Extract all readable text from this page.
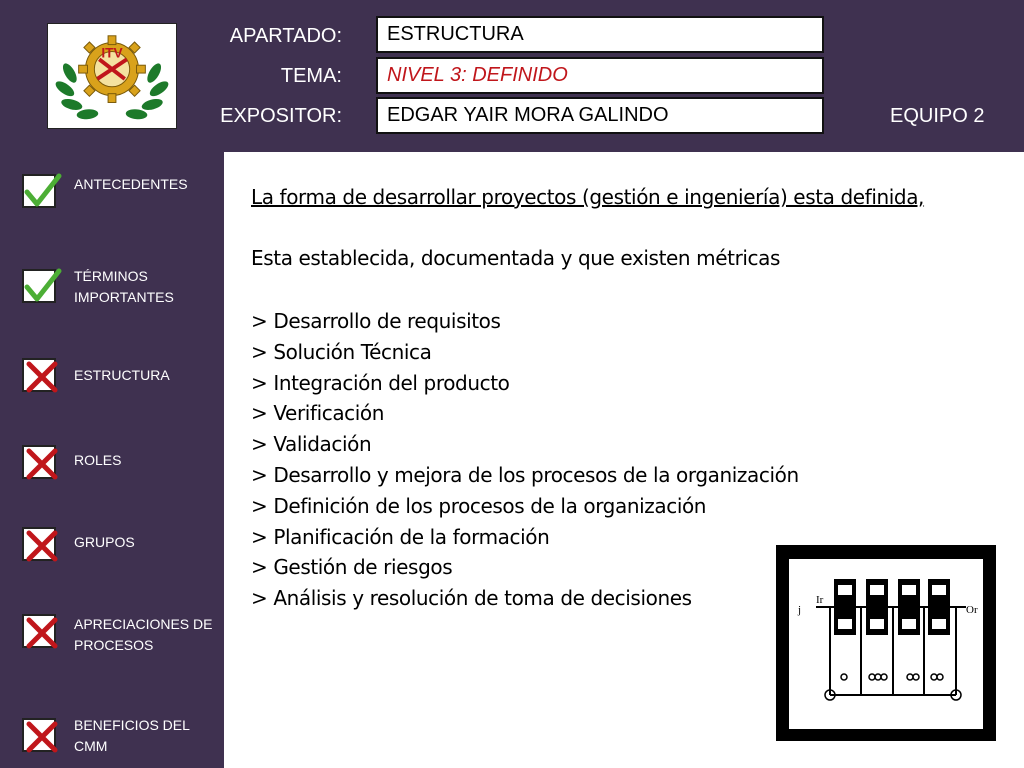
ITV
APARTADO:
TEMA:
EXPOSITOR:
ESTRUCTURA
NIVEL 3: DEFINIDO
EDGAR YAIR MORA GALINDO	EQUIPO 2
ANTECEDENTES
TÉRMINOS IMPORTANTES
ESTRUCTURA
ROLES
GRUPOS
APRECIACIONES DE PROCESOS
BENEFICIOS DEL CMM
La forma de desarrollar proyectos (gestión e ingeniería) esta definida,
Esta establecida, documentada y que existen métricas
> Desarrollo de requisitos
> Solución Técnica
> Integración del producto
> Verificación
> Validación
> Desarrollo y mejora de los procesos de la organización
> Definición de los procesos de la organización
> Planificación de la formación
> Gestión de riesgos
> Análisis y resolución de toma de decisiones	j
Ir
Or
